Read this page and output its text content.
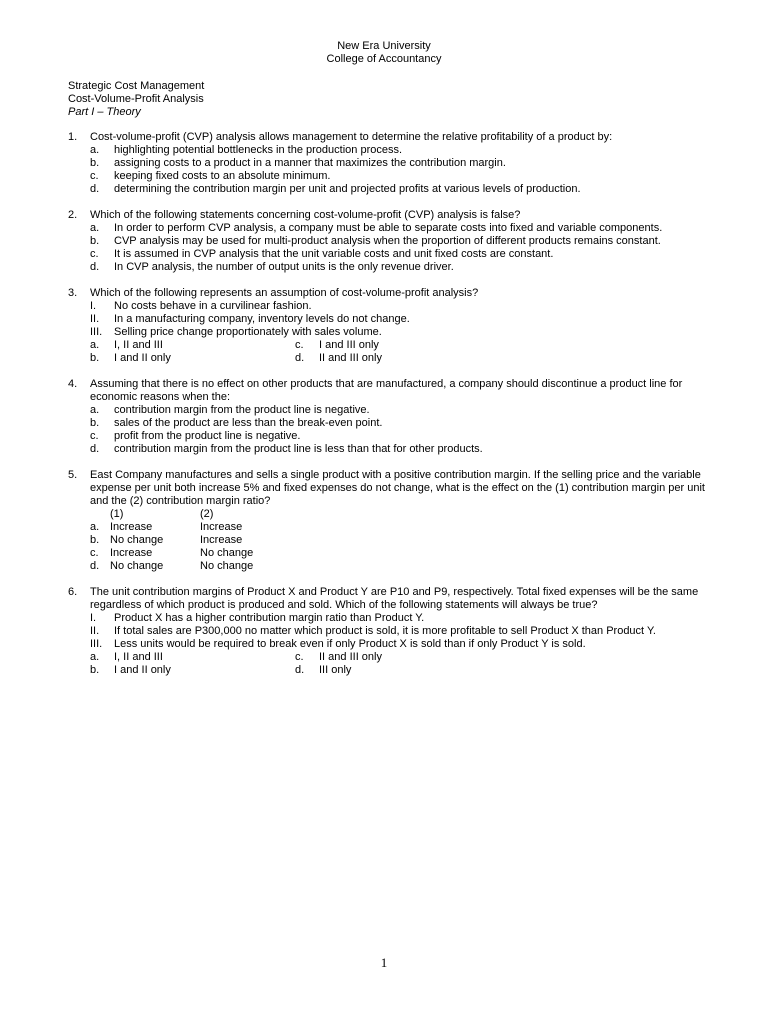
New Era University
College of Accountancy
Strategic Cost Management
Cost-Volume-Profit Analysis
Part I – Theory
1.	Cost-volume-profit (CVP) analysis allows management to determine the relative profitability of a product by:
a.	highlighting potential bottlenecks in the production process.
b.	assigning costs to a product in a manner that maximizes the contribution margin.
c.	keeping fixed costs to an absolute minimum.
d.	determining the contribution margin per unit and projected profits at various levels of production.
2.	Which of the following statements concerning cost-volume-profit (CVP) analysis is false?
a.	In order to perform CVP analysis, a company must be able to separate costs into fixed and variable components.
b.	CVP analysis may be used for multi-product analysis when the proportion of different products remains constant.
c.	It is assumed in CVP analysis that the unit variable costs and unit fixed costs are constant.
d.	In CVP analysis, the number of output units is the only revenue driver.
3.	Which of the following represents an assumption of cost-volume-profit analysis?
I.	No costs behave in a curvilinear fashion.
II.	In a manufacturing company, inventory levels do not change.
III.	Selling price change proportionately with sales volume.
a.	I, II and III	c.	I and III only
b.	I and II only	d.	II and III only
4.	Assuming that there is no effect on other products that are manufactured, a company should discontinue a product line for economic reasons when the:
a.	contribution margin from the product line is negative.
b.	sales of the product are less than the break-even point.
c.	profit from the product line is negative.
d.	contribution margin from the product line is less than that for other products.
5.	East Company manufactures and sells a single product with a positive contribution margin. If the selling price and the variable expense per unit both increase 5% and fixed expenses do not change, what is the effect on the (1) contribution margin per unit and the (2) contribution margin ratio?
(1)	(2)
a. Increase	Increase
b. No change	Increase
c.	Increase	No change
d. No change	No change
6.	The unit contribution margins of Product X and Product Y are P10 and P9, respectively. Total fixed expenses will be the same regardless of which product is produced and sold. Which of the following statements will always be true?
I.	Product X has a higher contribution margin ratio than Product Y.
II.	If total sales are P300,000 no matter which product is sold, it is more profitable to sell Product X than Product Y.
III.	Less units would be required to break even if only Product X is sold than if only Product Y is sold.
a.	I, II and III	c.	II and III only
b.	I and II only	d.	III only
1
